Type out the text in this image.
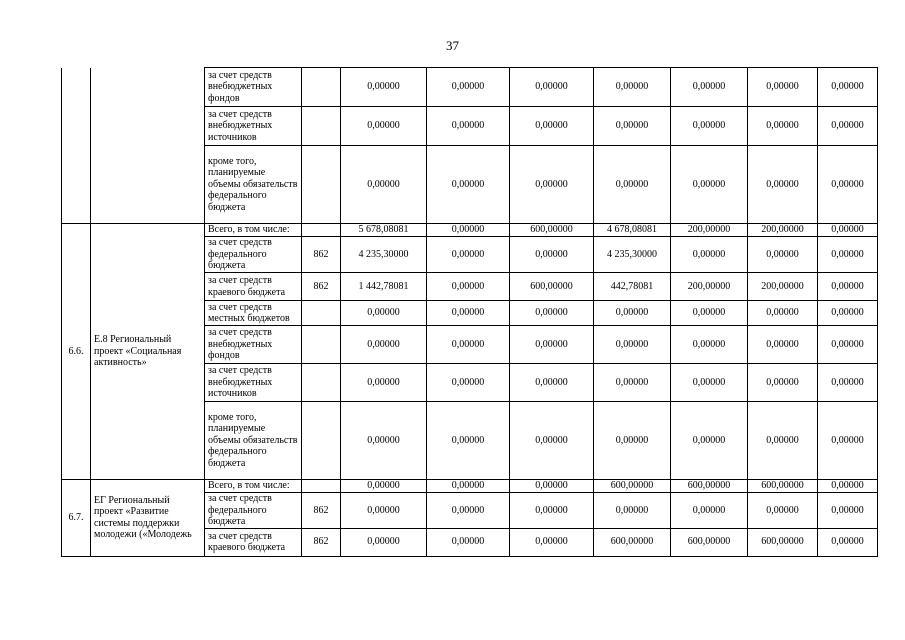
37
		за счет средств внебюджетных фондов		0,00000	0,00000	0,00000	0,00000	0,00000	0,00000	0,00000
		за счет средств внебюджетных источников		0,00000	0,00000	0,00000	0,00000	0,00000	0,00000	0,00000
		кроме того, планируемые объемы обязательств федерального бюджета		0,00000	0,00000	0,00000	0,00000	0,00000	0,00000	0,00000
6.6.	Е.8 Региональный проект «Социальная активность»	Всего, в том числе:		5 678,08081	0,00000	600,00000	4 678,08081	200,00000	200,00000	0,00000
		за счет средств федерального бюджета	862	4 235,30000	0,00000	0,00000	4 235,30000	0,00000	0,00000	0,00000
		за счет средств краевого бюджета	862	1 442,78081	0,00000	600,00000	442,78081	200,00000	200,00000	0,00000
		за счет средств местных бюджетов		0,00000	0,00000	0,00000	0,00000	0,00000	0,00000	0,00000
		за счет средств внебюджетных фондов		0,00000	0,00000	0,00000	0,00000	0,00000	0,00000	0,00000
		за счет средств внебюджетных источников		0,00000	0,00000	0,00000	0,00000	0,00000	0,00000	0,00000
		кроме того, планируемые объемы обязательств федерального бюджета		0,00000	0,00000	0,00000	0,00000	0,00000	0,00000	0,00000
6.7.	ЕГ Региональный проект «Развитие системы поддержки молодежи («Молодежь	Всего, в том числе:		0,00000	0,00000	0,00000	600,00000	600,00000	600,00000	0,00000
		за счет средств федерального бюджета	862	0,00000	0,00000	0,00000	0,00000	0,00000	0,00000	0,00000
		за счет средств краевого бюджета	862	0,00000	0,00000	0,00000	600,00000	600,00000	600,00000	0,00000
